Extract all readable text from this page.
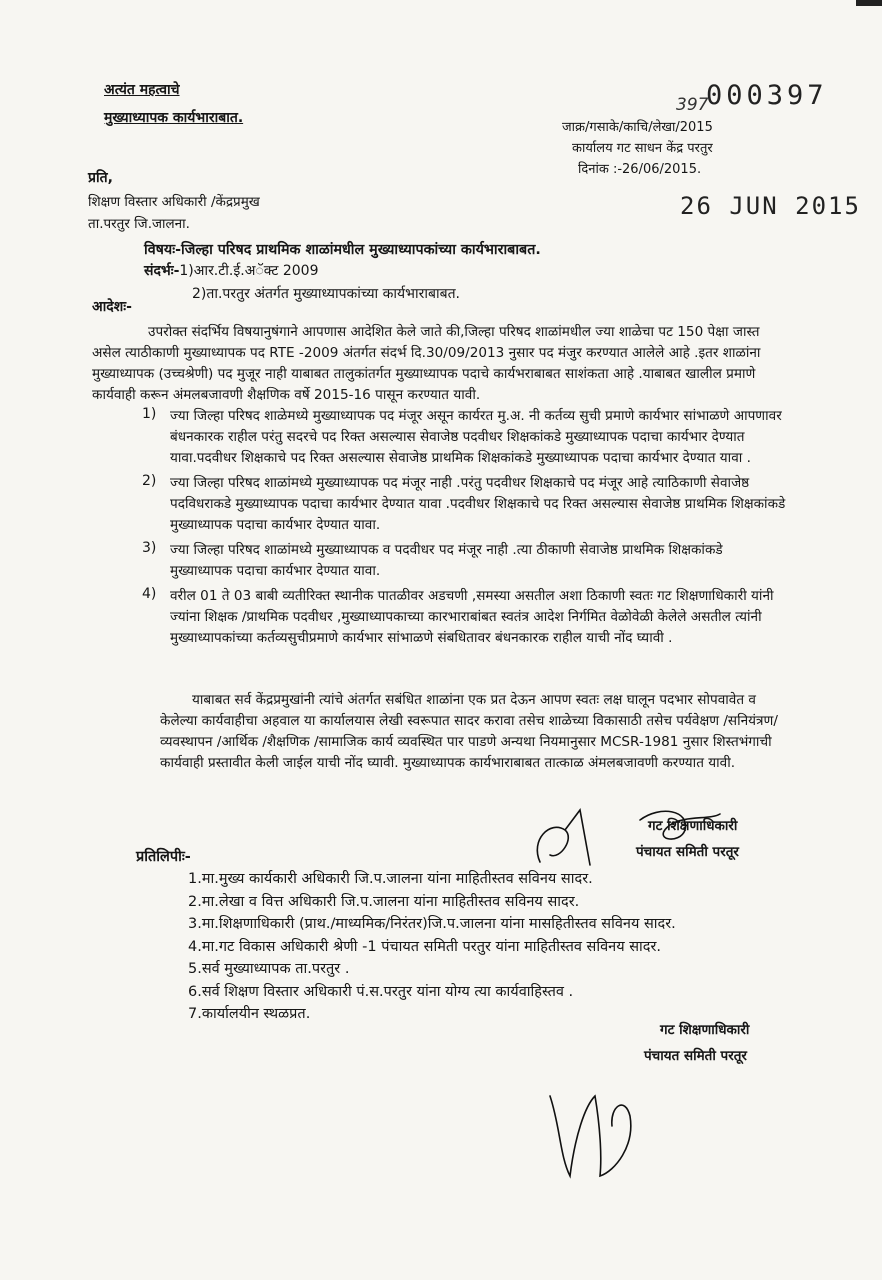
अत्यंत महत्वाचे
मुख्याध्यापक कार्यभाराबात.
397
000397
जाक्र/गसाके/काचि/लेखा/2015
कार्यालय गट साधन केंद्र परतुर
दिनांक :-26/06/2015.
26 JUN 2015
प्रति,
शिक्षण विस्तार अधिकारी /केंद्रप्रमुख
ता.परतुर जि.जालना.
विषयः-जिल्हा परिषद प्राथमिक शाळांमधील मुख्याध्यापकांच्या कार्यभाराबाबत.
संदर्भः-1)आर.टी.ई.अॅक्ट 2009
2)ता.परतुर अंतर्गत मुख्याध्यापकांच्या कार्यभाराबाबत.
आदेशः-
उपरोक्त संदर्भिय विषयानुषंगाने आपणास आदेशित केले जाते की,जिल्हा परिषद शाळांमधील ज्या शाळेचा पट 150 पेक्षा जास्त असेल त्याठीकाणी मुख्याध्यापक पद RTE -2009 अंतर्गत संदर्भ दि.30/09/2013 नुसार पद मंजुर करण्यात आलेले आहे .इतर शाळांना मुख्याध्यापक (उच्चश्रेणी) पद मुजूर नाही याबाबत तालुकांतर्गत मुख्याध्यापक पदाचे कार्यभराबाबत साशंकता आहे .याबाबत खालील प्रमाणे कार्यवाही करून अंमलबजावणी शैक्षणिक वर्षे 2015-16 पासून करण्यात यावी.
1)	ज्या जिल्हा परिषद शाळेमध्ये मुख्याध्यापक पद मंजूर असून कार्यरत मु.अ. नी कर्तव्य सुची प्रमाणे कार्यभार सांभाळणे आपणावर बंधनकारक राहील परंतु सदरचे पद रिक्त असल्यास सेवाजेष्ठ पदवीधर शिक्षकांकडे मुख्याध्यापक पदाचा कार्यभार देण्यात यावा.पदवीधर शिक्षकाचे पद रिक्त असल्यास सेवाजेष्ठ प्राथमिक शिक्षकांकडे मुख्याध्यापक पदाचा कार्यभार देण्यात यावा .
2)	ज्या जिल्हा परिषद शाळांमध्ये मुख्याध्यापक पद मंजूर नाही .परंतु पदवीधर शिक्षकाचे पद मंजूर आहे त्याठिकाणी सेवाजेष्ठ पदविधराकडे मुख्याध्यापक पदाचा कार्यभार देण्यात यावा .पदवीधर शिक्षकाचे पद रिक्त असल्यास सेवाजेष्ठ प्राथमिक शिक्षकांकडे मुख्याध्यापक पदाचा कार्यभार देण्यात यावा.
3)	ज्या जिल्हा परिषद शाळांमध्ये मुख्याध्यापक व पदवीधर पद मंजूर नाही .त्या ठीकाणी सेवाजेष्ठ प्राथमिक शिक्षकांकडे मुख्याध्यापक पदाचा कार्यभार देण्यात यावा.
4)	वरील 01 ते 03 बाबी व्यतीरिक्त स्थानीक पातळीवर अडचणी ,समस्या असतील अशा ठिकाणी स्वतः गट शिक्षणाधिकारी यांनी ज्यांना शिक्षक /प्राथमिक पदवीधर ,मुख्याध्यापकाच्या कारभाराबांबत स्वतंत्र आदेश निर्गमित वेळोवेळी केलेले असतील त्यांनी मुख्याध्यापकांच्या कर्तव्यसुचीप्रमाणे कार्यभार सांभाळणे संबधितावर बंधनकारक राहील याची नोंद घ्यावी .
याबाबत सर्व केंद्रप्रमुखांनी त्यांचे अंतर्गत सबंधित शाळांना एक प्रत देऊन आपण स्वतः लक्ष घालून पदभार सोपवावेत व केलेल्या कार्यवाहीचा अहवाल या कार्यालयास लेखी स्वरूपात सादर करावा तसेच शाळेच्या विकासाठी तसेच पर्यवेक्षण /सनियंत्रण/व्यवस्थापन /आर्थिक /शैक्षणिक /सामाजिक कार्य व्यवस्थित पार पाडणे अन्यथा नियमानुसार MCSR-1981 नुसार शिस्तभंगाची कार्यवाही प्रस्तावीत केली जाईल याची नोंद घ्यावी. मुख्याध्यापक कार्यभाराबाबत तात्काळ अंमलबजावणी करण्यात यावी.
गट शिक्षणाधिकारी
पंचायत समिती परतूर
प्रतिलिपीः-
1.मा.मुख्य कार्यकारी अधिकारी जि.प.जालना यांना माहितीस्तव सविनय सादर.
2.मा.लेखा व वित्त अधिकारी जि.प.जालना यांना माहितीस्तव सविनय सादर.
3.मा.शिक्षणाधिकारी (प्राथ./माध्यमिक/निरंतर)जि.प.जालना यांना मासहितीस्तव सविनय सादर.
4.मा.गट विकास अधिकारी श्रेणी -1 पंचायत समिती परतुर यांना माहितीस्तव सविनय सादर.
5.सर्व मुख्याध्यापक ता.परतुर .
6.सर्व शिक्षण विस्तार अधिकारी पं.स.परतुर यांना योग्य त्या कार्यवाहिस्तव .
7.कार्यालयीन स्थळप्रत.
गट शिक्षणाधिकारी
पंचायत समिती परतूर
